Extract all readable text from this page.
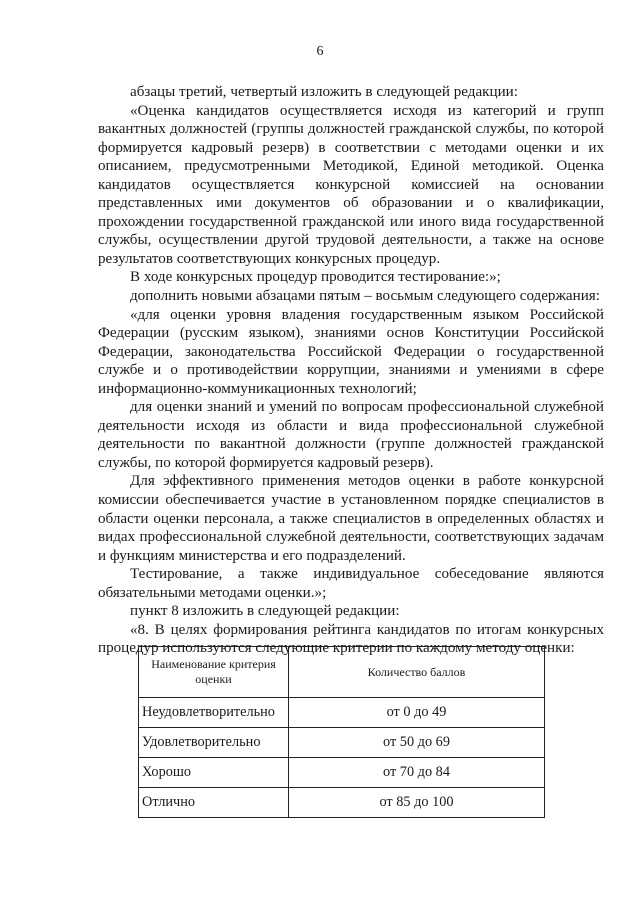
6

абзацы третий, четвертый изложить в следующей редакции:

«Оценка кандидатов осуществляется исходя из категорий и групп вакантных должностей (группы должностей гражданской службы, по которой формируется кадровый резерв) в соответствии с методами оценки и их описанием, предусмотренными Методикой, Единой методикой. Оценка кандидатов осуществляется конкурсной комиссией на основании представленных ими документов об образовании и о квалификации, прохождении государственной гражданской или иного вида государственной службы, осуществлении другой трудовой деятельности, а также на основе результатов соответствующих конкурсных процедур.

В ходе конкурсных процедур проводится тестирование:»;

дополнить новыми абзацами пятым – восьмым следующего содержания:

«для оценки уровня владения государственным языком Российской Федерации (русским языком), знаниями основ Конституции Российской Федерации, законодательства Российской Федерации о государственной службе и о противодействии коррупции, знаниями и умениями в сфере информационно-коммуникационных технологий;

для оценки знаний и умений по вопросам профессиональной служебной деятельности исходя из области и вида профессиональной служебной деятельности по вакантной должности (группе должностей гражданской службы, по которой формируется кадровый резерв).

Для эффективного применения методов оценки в работе конкурсной комиссии обеспечивается участие в установленном порядке специалистов в области оценки персонала, а также специалистов в определенных областях и видах профессиональной служебной деятельности, соответствующих задачам и функциям министерства и его подразделений.

Тестирование, а также индивидуальное собеседование являются обязательными методами оценки.»;

пункт 8 изложить в следующей редакции:

«8. В целях формирования рейтинга кандидатов по итогам конкурсных процедур используются следующие критерии по каждому методу оценки:

Наименование критерия оценки	Количество баллов
Неудовлетворительно	от 0 до 49
Удовлетворительно	от 50 до 69
Хорошо	от 70 до 84
Отлично	от 85 до 100
